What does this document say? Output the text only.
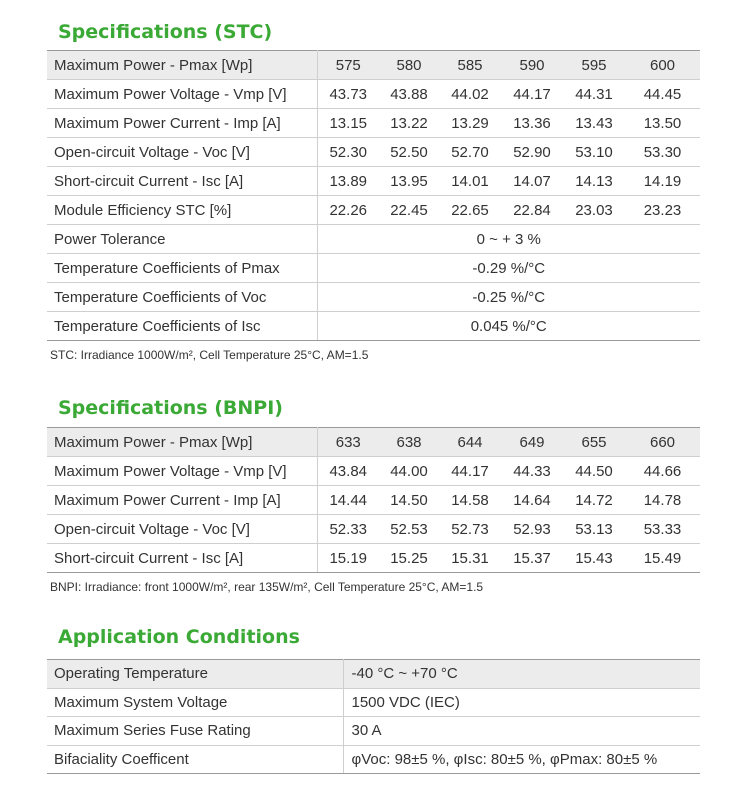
Specifications (STC)
Maximum Power - Pmax [Wp]	575	580	585	590	595	600
Maximum Power Voltage - Vmp [V]	43.73	43.88	44.02	44.17	44.31	44.45
Maximum Power Current - Imp [A]	13.15	13.22	13.29	13.36	13.43	13.50
Open-circuit Voltage - Voc [V]	52.30	52.50	52.70	52.90	53.10	53.30
Short-circuit Current - Isc [A]	13.89	13.95	14.01	14.07	14.13	14.19
Module Efficiency STC [%]	22.26	22.45	22.65	22.84	23.03	23.23
Power Tolerance	0 ~ + 3 %					
Temperature Coefficients of Pmax	-0.29 %/°C					
Temperature Coefficients of Voc	-0.25 %/°C					
Temperature Coefficients of Isc	0.045 %/°C					
STC: Irradiance 1000W/m², Cell Temperature 25°C, AM=1.5
Specifications (BNPI)
Maximum Power - Pmax [Wp]	633	638	644	649	655	660
Maximum Power Voltage - Vmp [V]	43.84	44.00	44.17	44.33	44.50	44.66
Maximum Power Current - Imp [A]	14.44	14.50	14.58	14.64	14.72	14.78
Open-circuit Voltage - Voc [V]	52.33	52.53	52.73	52.93	53.13	53.33
Short-circuit Current - Isc [A]	15.19	15.25	15.31	15.37	15.43	15.49
BNPI: Irradiance: front 1000W/m², rear 135W/m², Cell Temperature 25°C, AM=1.5
Application Conditions
Operating Temperature	-40 °C ~ +70 °C
Maximum System Voltage	1500 VDC (IEC)
Maximum Series Fuse Rating	30 A
Bifaciality Coefficent	φVoc: 98±5 %, φIsc: 80±5 %, φPmax: 80±5 %
